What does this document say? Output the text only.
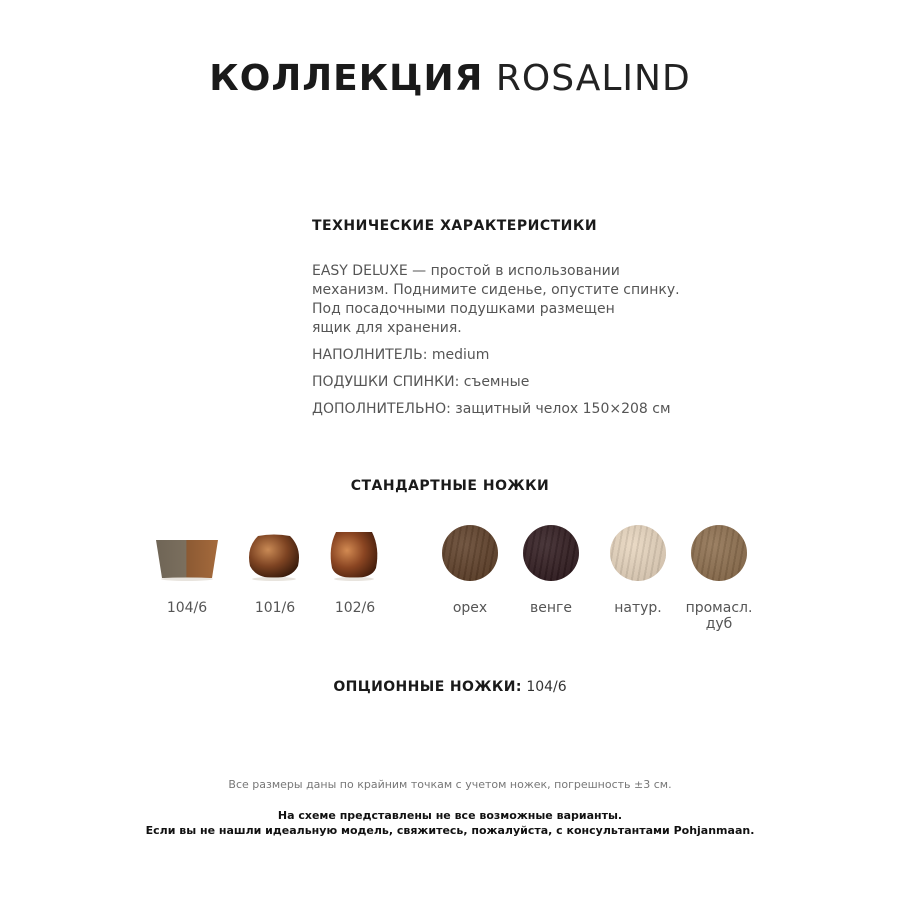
КОЛЛЕКЦИЯ ROSALIND
ТЕХНИЧЕСКИЕ ХАРАКТЕРИСТИКИ
EASY DELUXE — простой в использовании
механизм. Поднимите сиденье, опустите спинку.
Под посадочными подушками размещен
ящик для хранения.
НАПОЛНИТЕЛЬ: medium
ПОДУШКИ СПИНКИ: съемные
ДОПОЛНИТЕЛЬНО: защитный челох 150×208 см
СТАНДАРТНЫЕ НОЖКИ
104/6	101/6	102/6	орех	венге	натур.	промасл.
дуб
ОПЦИОННЫЕ НОЖКИ: 104/6
Все размеры даны по крайним точкам с учетом ножек, погрешность ±3 см.
На схеме представлены не все возможные варианты.
Если вы не нашли идеальную модель, свяжитесь, пожалуйста, с консультантами Pohjanmaan.
